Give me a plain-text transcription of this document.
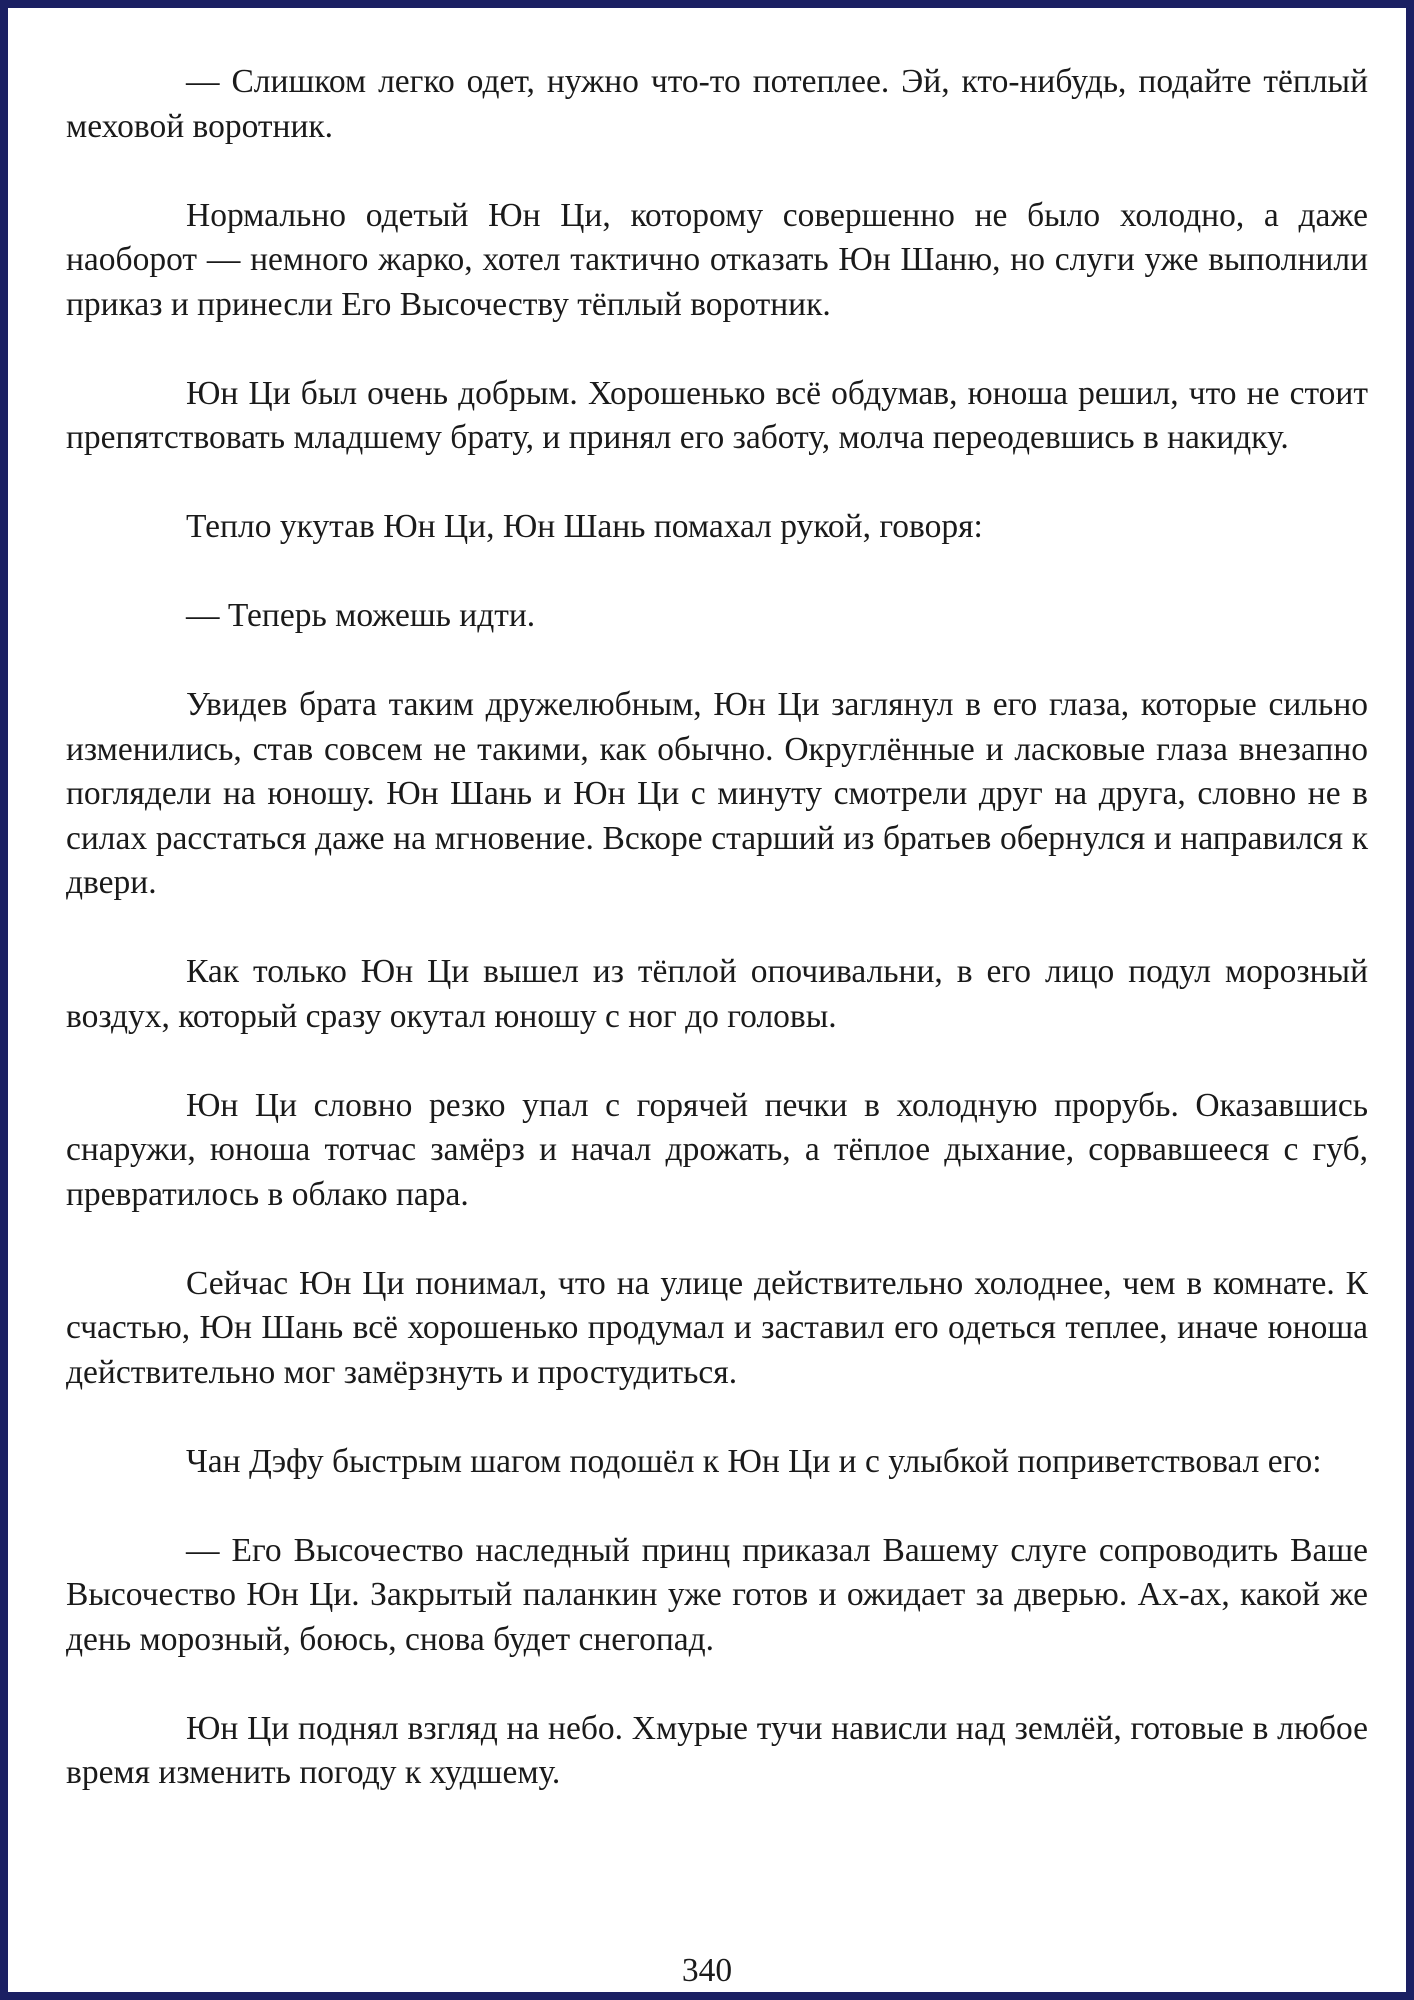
— Слишком легко одет, нужно что-то потеплее. Эй, кто-нибудь, подайте тёплый меховой воротник.

Нормально одетый Юн Ци, которому совершенно не было холодно, а даже наоборот — немного жарко, хотел тактично отказать Юн Шаню, но слуги уже выполнили приказ и принесли Его Высочеству тёплый воротник.

Юн Ци был очень добрым. Хорошенько всё обдумав, юноша решил, что не стоит препятствовать младшему брату, и принял его заботу, молча переодевшись в накидку.

Тепло укутав Юн Ци, Юн Шань помахал рукой, говоря:

— Теперь можешь идти.

Увидев брата таким дружелюбным, Юн Ци заглянул в его глаза, которые сильно изменились, став совсем не такими, как обычно. Округлённые и ласковые глаза внезапно поглядели на юношу. Юн Шань и Юн Ци с минуту смотрели друг на друга, словно не в силах расстаться даже на мгновение. Вскоре старший из братьев обернулся и направился к двери.

Как только Юн Ци вышел из тёплой опочивальни, в его лицо подул морозный воздух, который сразу окутал юношу с ног до головы.

Юн Ци словно резко упал с горячей печки в холодную прорубь. Оказавшись снаружи, юноша тотчас замёрз и начал дрожать, а тёплое дыхание, сорвавшееся с губ, превратилось в облако пара.

Сейчас Юн Ци понимал, что на улице действительно холоднее, чем в комнате. К счастью, Юн Шань всё хорошенько продумал и заставил его одеться теплее, иначе юноша действительно мог замёрзнуть и простудиться.

Чан Дэфу быстрым шагом подошёл к Юн Ци и с улыбкой поприветствовал его:

— Его Высочество наследный принц приказал Вашему слуге сопроводить Ваше Высочество Юн Ци. Закрытый паланкин уже готов и ожидает за дверью. Ах-ах, какой же день морозный, боюсь, снова будет снегопад.

Юн Ци поднял взгляд на небо. Хмурые тучи нависли над землёй, готовые в любое время изменить погоду к худшему.

340
